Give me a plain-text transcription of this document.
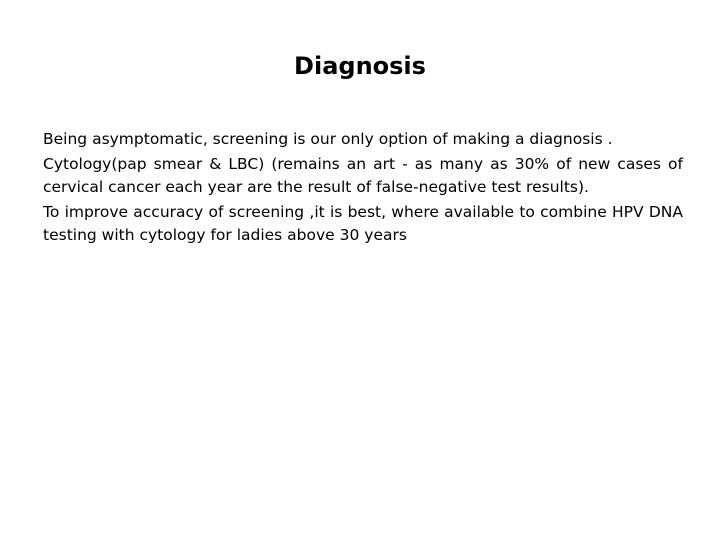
Diagnosis
Being asymptomatic, screening is our only option of making a diagnosis .
Cytology(pap smear & LBC) (remains an art - as many as 30% of new cases of cervical cancer each year are the result of false-negative test results).
To improve accuracy of screening ,it is best, where available to combine HPV DNA testing with cytology for ladies above 30 years
